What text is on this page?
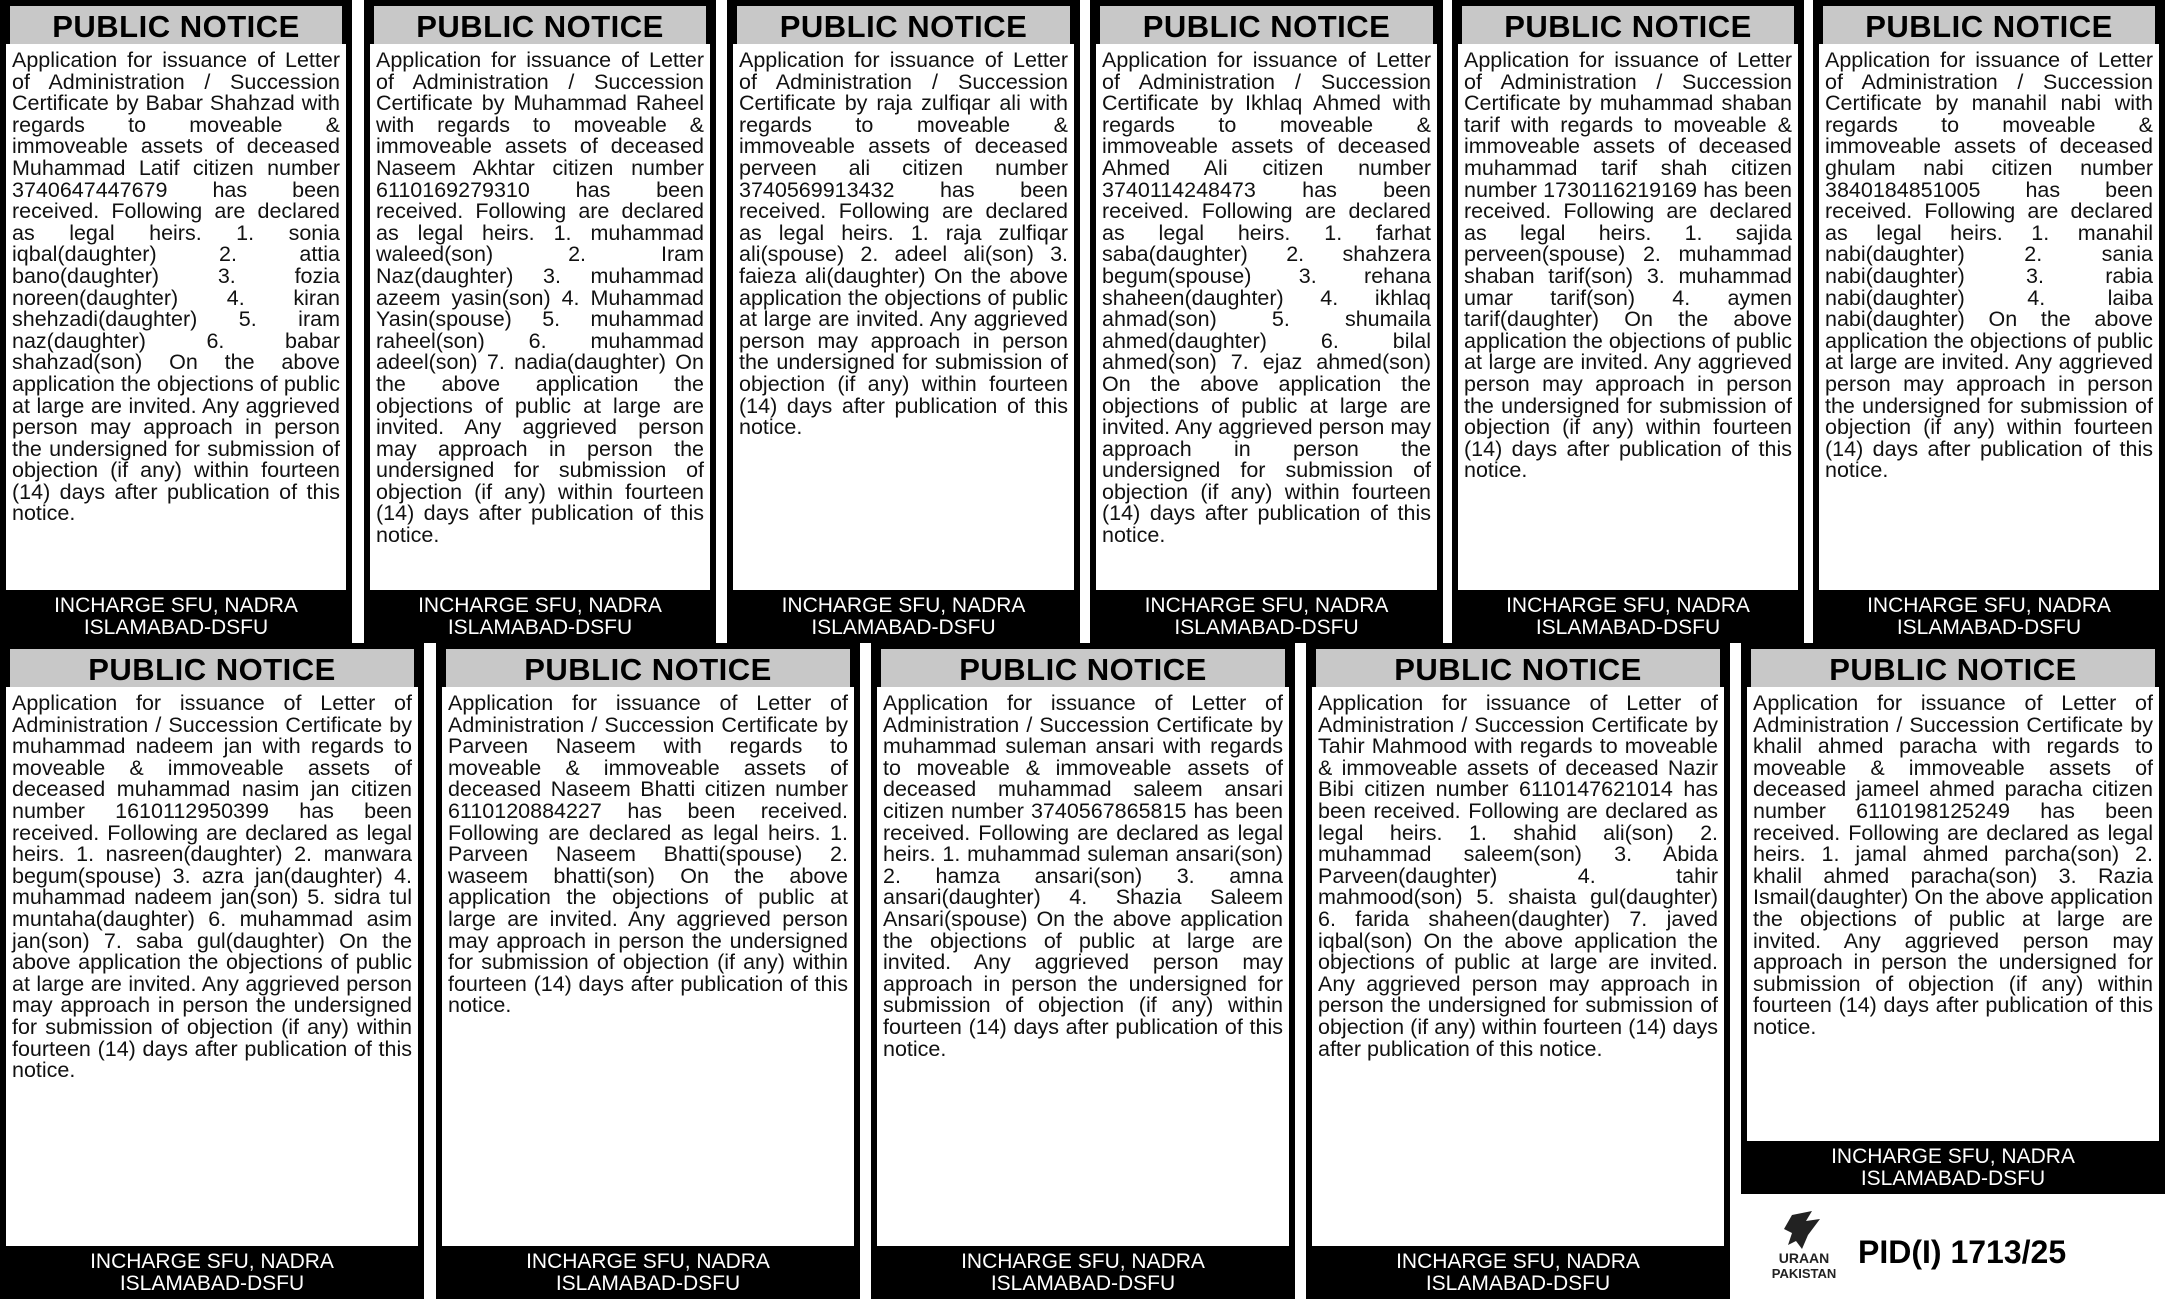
PUBLIC NOTICE
Application for issuance of Letter of Administration / Succession Certificate by Babar Shahzad with regards to moveable & immoveable assets of deceased Muhammad Latif citizen number 3740647447679 has been received. Following are declared as legal heirs. 1. sonia iqbal(daughter) 2. attia bano(daughter) 3. fozia noreen(daughter) 4. kiran shehzadi(daughter) 5. iram naz(daughter) 6. babar shahzad(son) On the above application the objections of public at large are invited. Any aggrieved person may approach in person the undersigned for submission of objection (if any) within fourteen (14) days after publication of this notice.
INCHARGE SFU, NADRA
ISLAMABAD-DSFU
PUBLIC NOTICE
Application for issuance of Letter of Administration / Succession Certificate by Muhammad Raheel with regards to moveable & immoveable assets of deceased Naseem Akhtar citizen number 6110169279310 has been received. Following are declared as legal heirs. 1. muhammad waleed(son) 2. Iram Naz(daughter) 3. muhammad azeem yasin(son) 4. Muhammad Yasin(spouse) 5. muhammad raheel(son) 6. muhammad adeel(son) 7. nadia(daughter) On the above application the objections of public at large are invited. Any aggrieved person may approach in person the undersigned for submission of objection (if any) within fourteen (14) days after publication of this notice.
INCHARGE SFU, NADRA
ISLAMABAD-DSFU
PUBLIC NOTICE
Application for issuance of Letter of Administration / Succession Certificate by raja zulfiqar ali with regards to moveable & immoveable assets of deceased perveen ali citizen number 3740569913432 has been received. Following are declared as legal heirs. 1. raja zulfiqar ali(spouse) 2. adeel ali(son) 3. faieza ali(daughter) On the above application the objections of public at large are invited. Any aggrieved person may approach in person the undersigned for submission of objection (if any) within fourteen (14) days after publication of this notice.
INCHARGE SFU, NADRA
ISLAMABAD-DSFU
PUBLIC NOTICE
Application for issuance of Letter of Administration / Succession Certificate by Ikhlaq Ahmed with regards to moveable & immoveable assets of deceased Ahmed Ali citizen number 3740114248473 has been received. Following are declared as legal heirs. 1. farhat saba(daughter) 2. shahzera begum(spouse) 3. rehana shaheen(daughter) 4. ikhlaq ahmad(son) 5. shumaila ahmed(daughter) 6. bilal ahmed(son) 7. ejaz ahmed(son) On the above application the objections of public at large are invited. Any aggrieved person may approach in person the undersigned for submission of objection (if any) within fourteen (14) days after publication of this notice.
INCHARGE SFU, NADRA
ISLAMABAD-DSFU
PUBLIC NOTICE
Application for issuance of Letter of Administration / Succession Certificate by muhammad shaban tarif with regards to moveable & immoveable assets of deceased muhammad tarif shah citizen number 1730116219169 has been received. Following are declared as legal heirs. 1. sajida perveen(spouse) 2. muhammad shaban tarif(son) 3. muhammad umar tarif(son) 4. aymen tarif(daughter) On the above application the objections of public at large are invited. Any aggrieved person may approach in person the undersigned for submission of objection (if any) within fourteen (14) days after publication of this notice.
INCHARGE SFU, NADRA
ISLAMABAD-DSFU
PUBLIC NOTICE
Application for issuance of Letter of Administration / Succession Certificate by manahil nabi with regards to moveable & immoveable assets of deceased ghulam nabi citizen number 3840184851005 has been received. Following are declared as legal heirs. 1. manahil nabi(daughter) 2. sania nabi(daughter) 3. rabia nabi(daughter) 4. laiba nabi(daughter) On the above application the objections of public at large are invited. Any aggrieved person may approach in person the undersigned for submission of objection (if any) within fourteen (14) days after publication of this notice.
INCHARGE SFU, NADRA
ISLAMABAD-DSFU
PUBLIC NOTICE
Application for issuance of Letter of Administration / Succession Certificate by muhammad nadeem jan with regards to moveable & immoveable assets of deceased muhammad nasim jan citizen number 1610112950399 has been received. Following are declared as legal heirs. 1. nasreen(daughter) 2. manwara begum(spouse) 3. azra jan(daughter) 4. muhammad nadeem jan(son) 5. sidra tul muntaha(daughter) 6. muhammad asim jan(son) 7. saba gul(daughter) On the above application the objections of public at large are invited. Any aggrieved person may approach in person the undersigned for submission of objection (if any) within fourteen (14) days after publication of this notice.
INCHARGE SFU, NADRA
ISLAMABAD-DSFU
PUBLIC NOTICE
Application for issuance of Letter of Administration / Succession Certificate by Parveen Naseem with regards to moveable & immoveable assets of deceased Naseem Bhatti citizen number 6110120884227 has been received. Following are declared as legal heirs. 1. Parveen Naseem Bhatti(spouse) 2. waseem bhatti(son) On the above application the objections of public at large are invited. Any aggrieved person may approach in person the undersigned for submission of objection (if any) within fourteen (14) days after publication of this notice.
INCHARGE SFU, NADRA
ISLAMABAD-DSFU
PUBLIC NOTICE
Application for issuance of Letter of Administration / Succession Certificate by muhammad suleman ansari with regards to moveable & immoveable assets of deceased muhammad saleem ansari citizen number 3740567865815 has been received. Following are declared as legal heirs. 1. muhammad suleman ansari(son) 2. hamza ansari(son) 3. amna ansari(daughter) 4. Shazia Saleem Ansari(spouse) On the above application the objections of public at large are invited. Any aggrieved person may approach in person the undersigned for submission of objection (if any) within fourteen (14) days after publication of this notice.
INCHARGE SFU, NADRA
ISLAMABAD-DSFU
PUBLIC NOTICE
Application for issuance of Letter of Administration / Succession Certificate by Tahir Mahmood with regards to moveable & immoveable assets of deceased Nazir Bibi citizen number 6110147621014 has been received. Following are declared as legal heirs. 1. shahid ali(son) 2. muhammad saleem(son) 3. Abida Parveen(daughter) 4. tahir mahmood(son) 5. shaista gul(daughter) 6. farida shaheen(daughter) 7. javed iqbal(son) On the above application the objections of public at large are invited. Any aggrieved person may approach in person the undersigned for submission of objection (if any) within fourteen (14) days after publication of this notice.
INCHARGE SFU, NADRA
ISLAMABAD-DSFU
PUBLIC NOTICE
Application for issuance of Letter of Administration / Succession Certificate by khalil ahmed paracha with regards to moveable & immoveable assets of deceased jameel ahmed paracha citizen number 6110198125249 has been received. Following are declared as legal heirs. 1. jamal ahmed parcha(son) 2. khalil ahmed paracha(son) 3. Razia Ismail(daughter) On the above application the objections of public at large are invited. Any aggrieved person may approach in person the undersigned for submission of objection (if any) within fourteen (14) days after publication of this notice.
INCHARGE SFU, NADRA
ISLAMABAD-DSFU
URAAN
PAKISTAN
PID(I) 1713/25
